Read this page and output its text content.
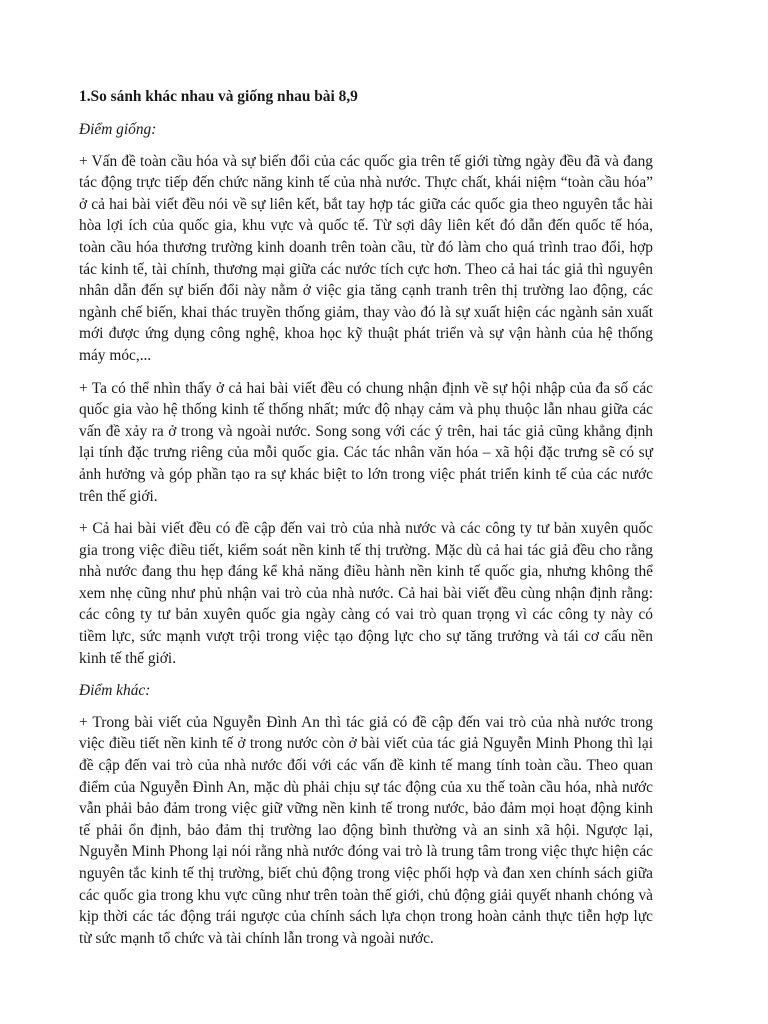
1.So sánh khác nhau và giống nhau bài 8,9

Điểm giống:

+ Vấn đề toàn cầu hóa và sự biến đổi của các quốc gia trên tế giới từng ngày đều đã và đang tác động trực tiếp đến chức năng kinh tế của nhà nước. Thực chất, khái niệm “toàn cầu hóa” ở cả hai bài viết đều nói về sự liên kết, bắt tay hợp tác giữa các quốc gia theo nguyên tắc hài hòa lợi ích của quốc gia, khu vực và quốc tế. Từ sợi dây liên kết đó dẫn đến quốc tế hóa, toàn cầu hóa thương trường kinh doanh trên toàn cầu, từ đó làm cho quá trình trao đổi, hợp tác kinh tế, tài chính, thương mại giữa các nước tích cực hơn. Theo cả hai tác giả thì nguyên nhân dẫn đến sự biến đổi này nằm ở việc gia tăng cạnh tranh trên thị trường lao động, các ngành chế biến, khai thác truyền thống giảm, thay vào đó là sự xuất hiện các ngành sản xuất mới được ứng dụng công nghệ, khoa học kỹ thuật phát triển và sự vận hành của hệ thống máy móc,...

+ Ta có thể nhìn thấy ở cả hai bài viết đều có chung nhận định về sự hội nhập của đa số các quốc gia vào hệ thống kinh tế thống nhất; mức độ nhạy cảm và phụ thuộc lẫn nhau giữa các vấn đề xảy ra ở trong và ngoài nước. Song song với các ý trên, hai tác giả cũng khẳng định lại tính đặc trưng riêng của mỗi quốc gia. Các tác nhân văn hóa – xã hội đặc trưng sẽ có sự ảnh hưởng và góp phần tạo ra sự khác biệt to lớn trong việc phát triển kinh tế của các nước trên thế giới.

+ Cả hai bài viết đều có đề cập đến vai trò của nhà nước và các công ty tư bản xuyên quốc gia trong việc điều tiết, kiểm soát nền kinh tế thị trường. Mặc dù cả hai tác giả đều cho rằng nhà nước đang thu hẹp đáng kể khả năng điều hành nền kinh tế quốc gia, nhưng không thể xem nhẹ cũng như phủ nhận vai trò của nhà nước. Cả hai bài viết đều cùng nhận định rằng: các công ty tư bản xuyên quốc gia ngày càng có vai trò quan trọng vì các công ty này có tiềm lực, sức mạnh vượt trội trong việc tạo động lực cho sự tăng trưởng và tái cơ cấu nền kinh tế thế giới.

Điểm khác:

+ Trong bài viết của Nguyễn Đình An thì tác giả có đề cập đến vai trò của nhà nước trong việc điều tiết nền kinh tế ở trong nước còn ở bài viết của tác giả Nguyễn Minh Phong thì lại đề cập đến vai trò của nhà nước đối với các vấn đề kinh tế mang tính toàn cầu. Theo quan điểm của Nguyễn Đình An, mặc dù phải chịu sự tác động của xu thế toàn cầu hóa, nhà nước vẫn phải bảo đảm trong việc giữ vững nền kinh tế trong nước, bảo đảm mọi hoạt động kinh tế phải ổn định, bảo đảm thị trường lao động bình thường và an sinh xã hội. Ngược lại, Nguyễn Minh Phong lại nói rằng nhà nước đóng vai trò là trung tâm trong việc thực hiện các nguyên tắc kinh tế thị trường, biết chủ động trong việc phối hợp và đan xen chính sách giữa các quốc gia trong khu vực cũng như trên toàn thế giới, chủ động giải quyết nhanh chóng và kịp thời các tác động trái ngược của chính sách lựa chọn trong hoàn cảnh thực tiễn hợp lực từ sức mạnh tổ chức và tài chính lẫn trong và ngoài nước.
